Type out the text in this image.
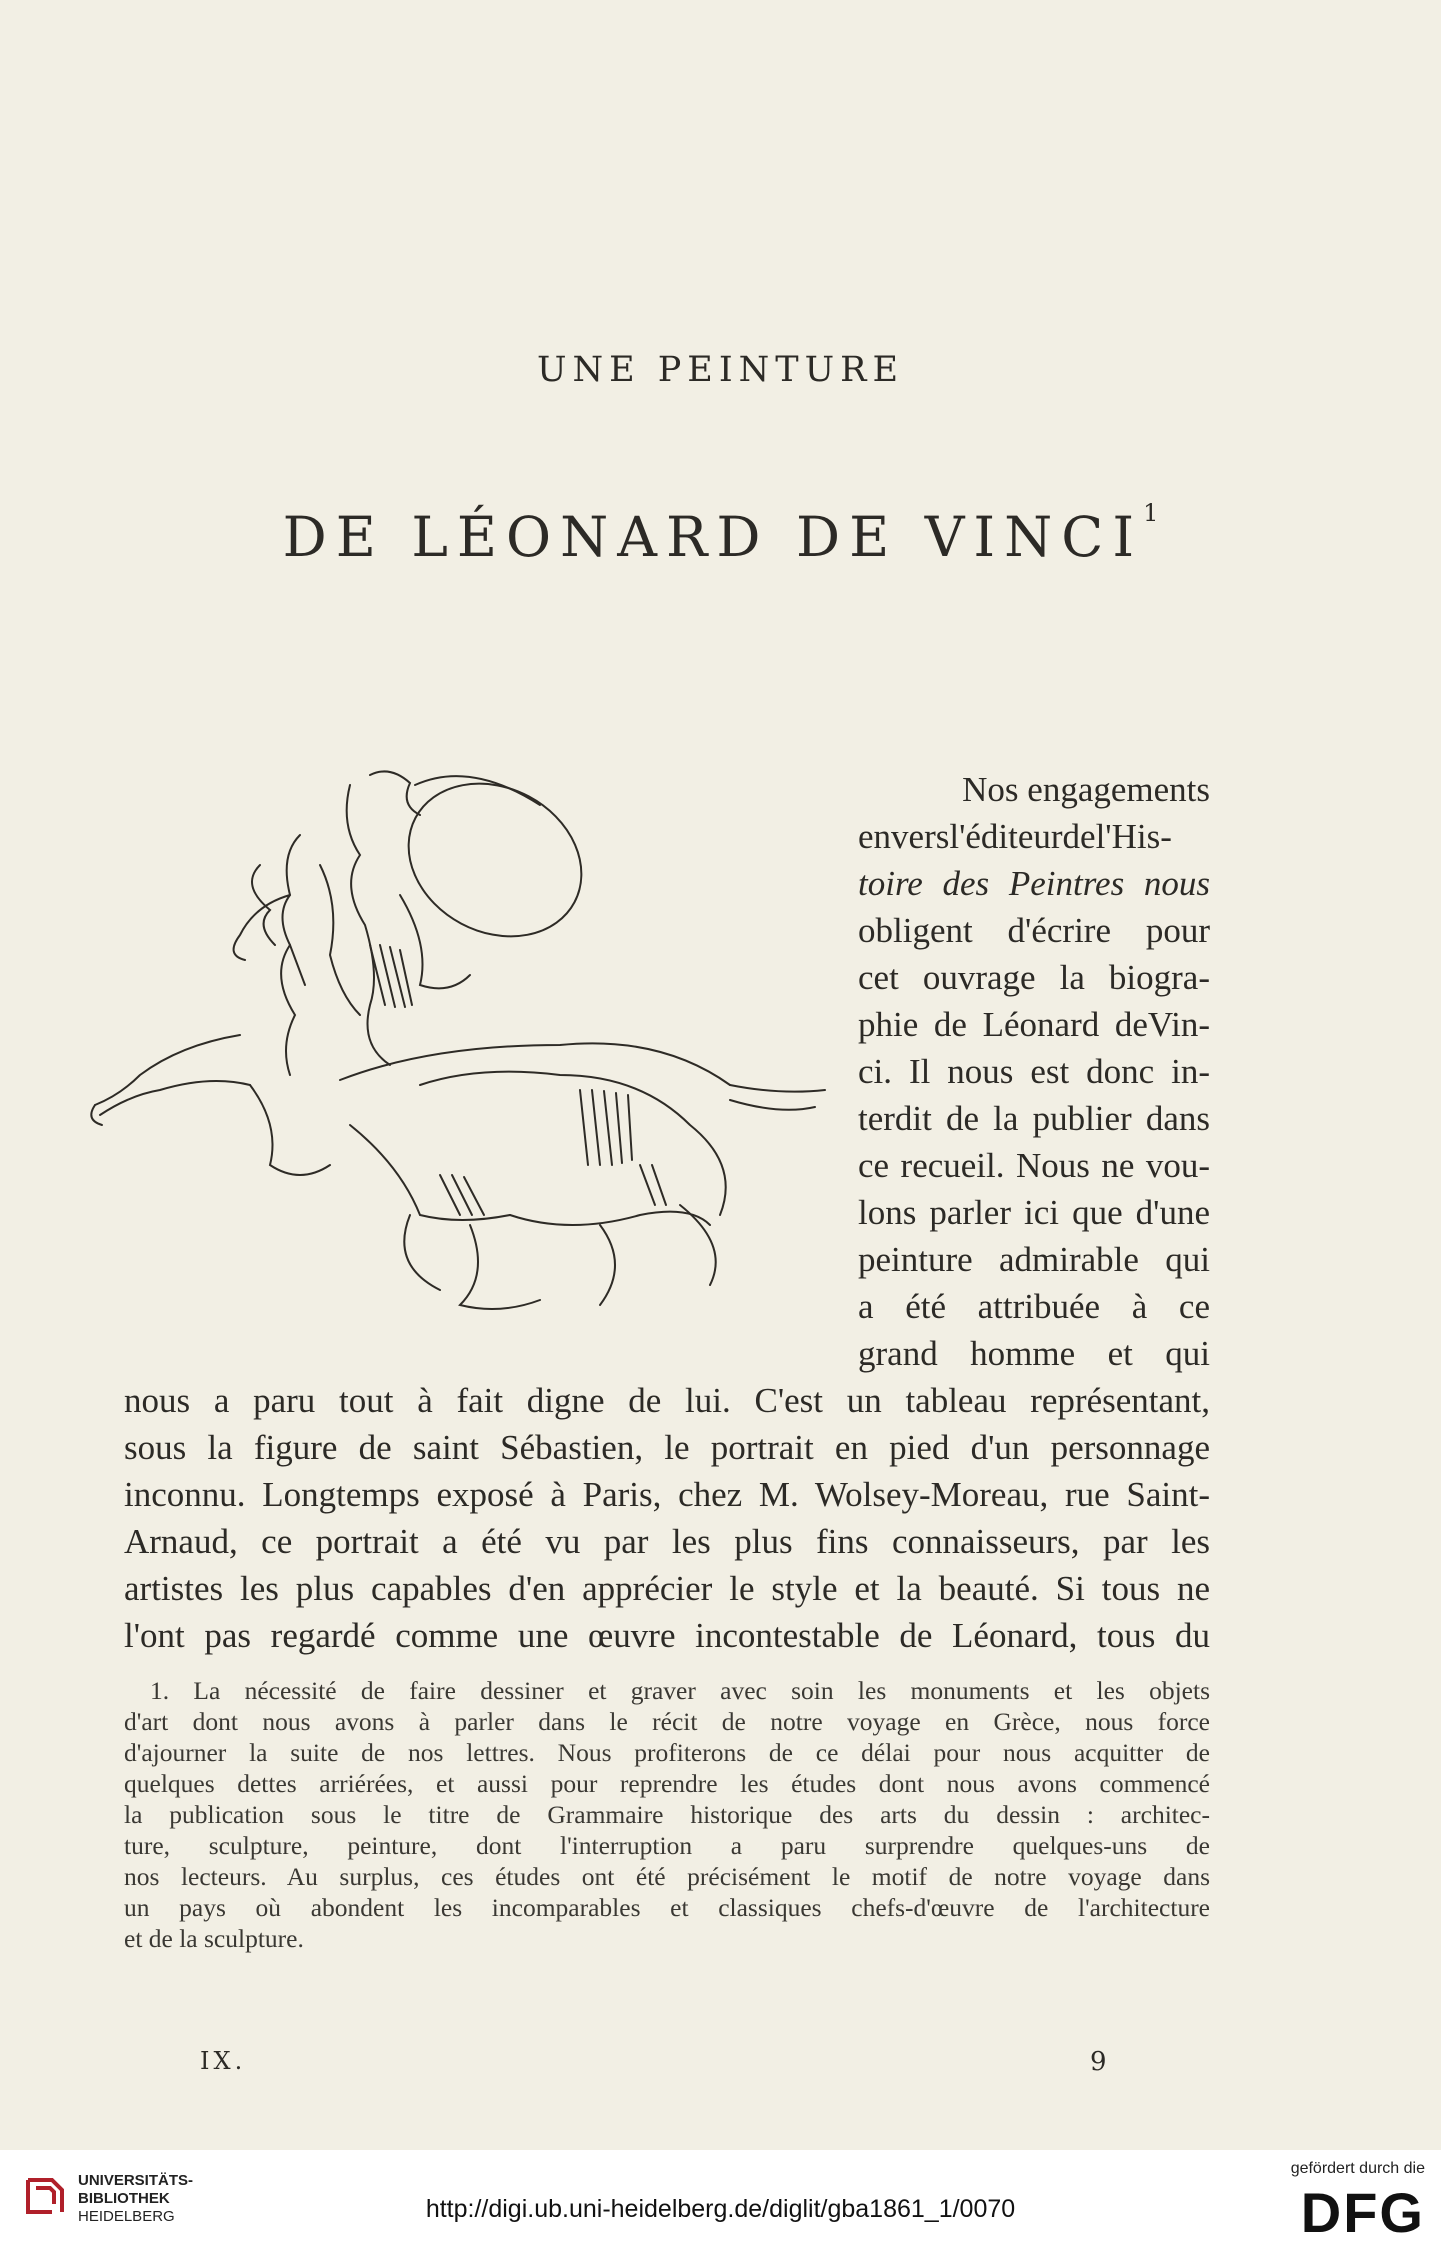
UNE PEINTURE
DE LÉONARD DE VINCI$^1$
Nos engagements
enversl'éditeurdel'His-
toire des Peintres nous
obligent d'écrire pour
cet ouvrage la biogra-
phie de Léonard deVin-
ci. Il nous est donc in-
terdit de la publier dans
ce recueil. Nous ne vou-
lons parler ici que d'une
peinture admirable qui
a été attribuée à ce
grand homme et qui
nous a paru tout à fait digne de lui. C'est un tableau représentant,
sous la figure de saint Sébastien, le portrait en pied d'un personnage
inconnu. Longtemps exposé à Paris, chez M. Wolsey-Moreau, rue Saint-
Arnaud, ce portrait a été vu par les plus fins connaisseurs, par les
artistes les plus capables d'en apprécier le style et la beauté. Si tous ne
l'ont pas regardé comme une œuvre incontestable de Léonard, tous du
1. La nécessité de faire dessiner et graver avec soin les monuments et les objets
d'art dont nous avons à parler dans le récit de notre voyage en Grèce, nous force
d'ajourner la suite de nos lettres. Nous profiterons de ce délai pour nous acquitter de
quelques dettes arriérées, et aussi pour reprendre les études dont nous avons commencé
la publication sous le titre de Grammaire historique des arts du dessin : architec-
ture, sculpture, peinture, dont l'interruption a paru surprendre quelques-uns de
nos lecteurs. Au surplus, ces études ont été précisément le motif de notre voyage dans
un pays où abondent les incomparables et classiques chefs-d'œuvre de l'architecture
et de la sculpture.
IX.	9
UNIVERSITÄTS-
BIBLIOTHEK
HEIDELBERG	http://digi.ub.uni-heidelberg.de/diglit/gba1861_1/0070
gefördert durch die
DFG
